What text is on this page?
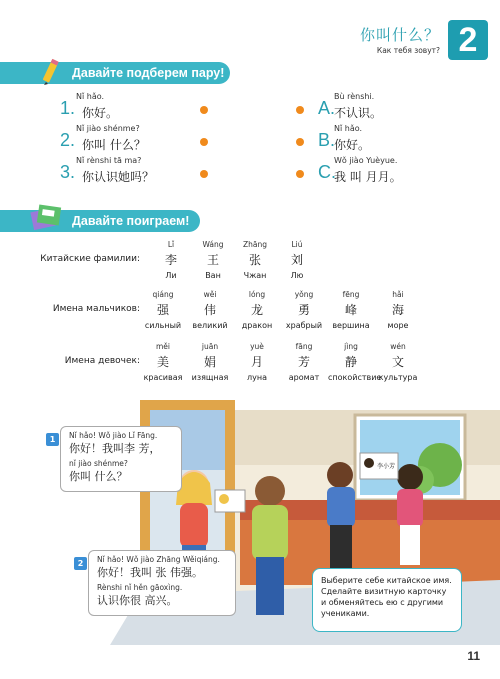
你叫什么？
Как тебя зовут? 2
Давайте подберем пару!
1.
Nǐ hǎo.
你好。
2.
Nǐ jiào shénme?
你叫 什么？
3.
Nǐ rènshi tā ma?
你认识她吗？
A.
Bù rènshi.
不认识。
B.
Nǐ hǎo.
你好。
C.
Wǒ jiào Yuèyue.
我 叫 月月。
Давайте поиграем!
Китайские фамилии:
Lǐ
李
Ли
Wáng
王
Ван
Zhāng
张
Чжан
Liú
刘
Лю
Имена мальчиков:
qiáng
强
сильный
wěi
伟
великий
lóng
龙
дракон
yǒng
勇
храбрый
fēng
峰
вершина
hǎi
海
море
Имена девочек:
měi
美
красивая
juān
娟
изящная
yuè
月
луна
fāng
芳
аромат
jìng
静
спокойствие
wén
文
культура
李小芳
1	Nǐ hǎo! Wǒ jiào Lǐ Fāng.
你好！我叫李 芳，
nǐ jiào shénme?
你叫 什么？
2	Nǐ hǎo! Wǒ jiào Zhāng Wěiqiáng.
你好！我叫 张 伟强。
Rènshi nǐ hěn gāoxìng.
认识你很 高兴。
Выберите себе китайское имя. Сделайте визитную карточку и обменяйтесь ею с другими учениками.
11
